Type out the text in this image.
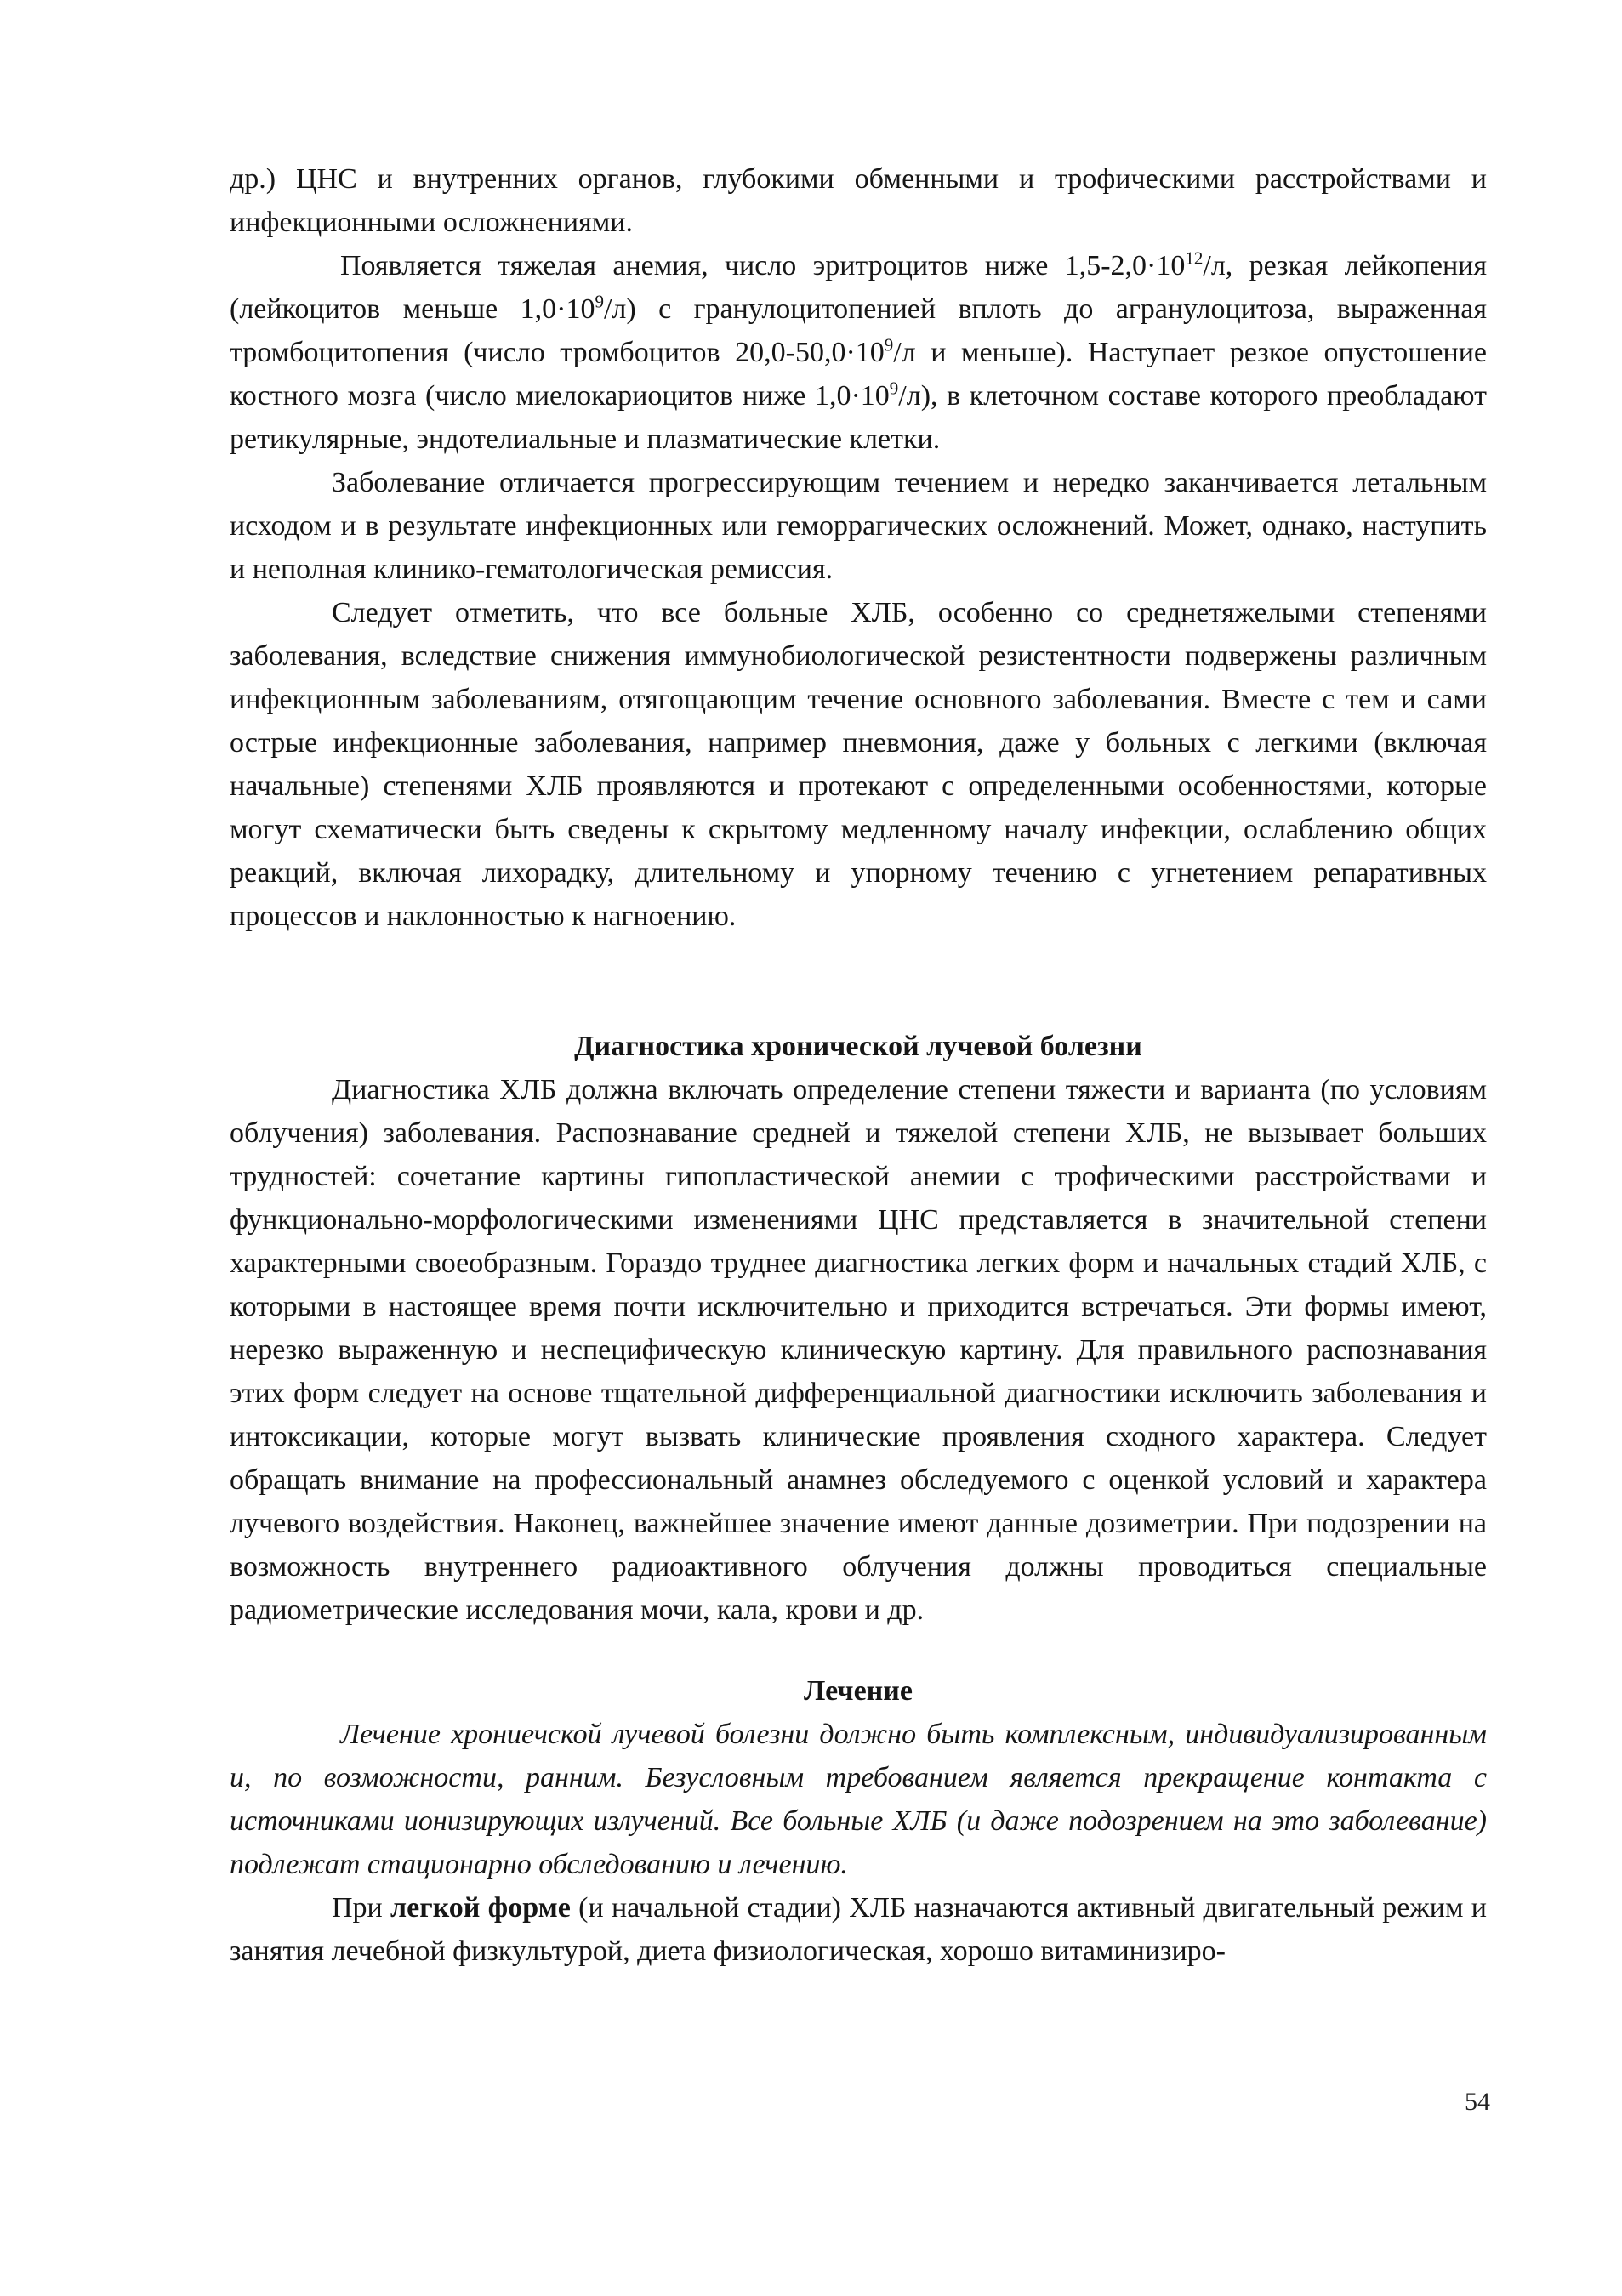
др.) ЦНС и внутренних органов, глубокими обменными и трофическими расстройствами и инфекционными осложнениями.

Появляется тяжелая анемия, число эритроцитов ниже $1,5-2,0\cdot 10^{12}/л$, резкая лейкопения (лейкоцитов меньше $1,0\cdot 10^9/л$) с гранулоцитопенией вплоть до агранулоцитоза, выраженная тромбоцитопения (число тромбоцитов $20,0-50,0\cdot 10^9/л$ и меньше). Наступает резкое опустошение костного мозга (число миелокариоцитов ниже $1,0\cdot 10^9/л$), в клеточном составе которого преобладают ретикулярные, эндотелиальные и плазматические клетки.

Заболевание отличается прогрессирующим течением и нередко заканчивается летальным исходом и в результате инфекционных или геморрагических осложнений. Может, однако, наступить и неполная клинико-гематологическая ремиссия.

Следует отметить, что все больные ХЛБ, особенно со среднетяжелыми степенями заболевания, вследствие снижения иммунобиологической резистентности подвержены различным инфекционным заболеваниям, отягощающим течение основного заболевания. Вместе с тем и сами острые инфекционные заболевания, например пневмония, даже у больных с легкими (включая начальные) степенями ХЛБ проявляются и протекают с определенными особенностями, которые могут схематически быть сведены к скрытому медленному началу инфекции, ослаблению общих реакций, включая лихорадку, длительному и упорному течению с угнетением репаративных процессов и наклонностью к нагноению.

Диагностика хронической лучевой болезни

Диагностика ХЛБ должна включать определение степени тяжести и варианта (по условиям облучения) заболевания. Распознавание средней и тяжелой степени ХЛБ, не вызывает больших трудностей: сочетание картины гипопластической анемии с трофическими расстройствами и функционально-морфологическими изменениями ЦНС представляется в значительной степени характерными своеобразным. Гораздо труднее диагностика легких форм и начальных стадий ХЛБ, с которыми в настоящее время почти исключительно и приходится встречаться. Эти формы имеют, нерезко выраженную и неспецифическую клиническую картину. Для правильного распознавания этих форм следует на основе тщательной дифференциальной диагностики исключить заболевания и интоксикации, которые могут вызвать клинические проявления сходного характера. Следует обращать внимание на профессиональный анамнез обследуемого с оценкой условий и характера лучевого воздействия. Наконец, важнейшее значение имеют данные дозиметрии. При подозрении на возможность внутреннего радиоактивного облучения должны проводиться специальные радиометрические исследования мочи, кала, крови и др.

Лечение

Лечение хрониечской лучевой болезни должно быть комплексным, индивидуализированным и, по возможности, ранним. Безусловным требованием является прекращение контакта с источниками ионизирующих излучений. Все больные ХЛБ (и даже подозрением на это заболевание) подлежат стационарно обследованию и лечению.

При легкой форме (и начальной стадии) ХЛБ назначаются активный двигательный режим и занятия лечебной физкультурой, диета физиологическая, хорошо витаминизиро-

54
